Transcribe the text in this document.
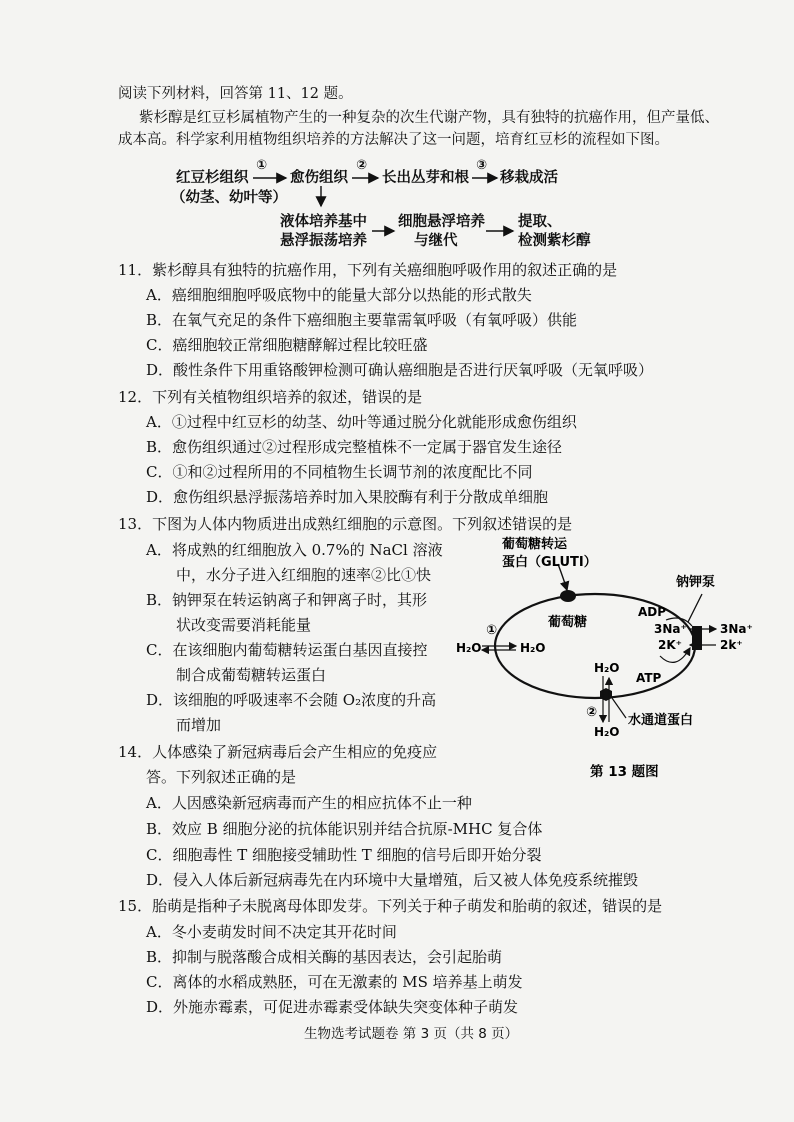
阅读下列材料，回答第 11、12 题。
紫杉醇是红豆杉属植物产生的一种复杂的次生代谢产物，具有独特的抗癌作用，但产量低、
成本高。科学家利用植物组织培养的方法解决了这一问题，培育红豆杉的流程如下图。
红豆杉组织
（幼茎、幼叶等）
①
愈伤组织
②
长出丛芽和根
③
移栽成活
液体培养基中
悬浮振荡培养
细胞悬浮培养
与继代
提取、
检测紫杉醇
11．紫杉醇具有独特的抗癌作用，下列有关癌细胞呼吸作用的叙述正确的是
A．癌细胞细胞呼吸底物中的能量大部分以热能的形式散失
B．在氧气充足的条件下癌细胞主要靠需氧呼吸（有氧呼吸）供能
C．癌细胞较正常细胞糖酵解过程比较旺盛
D．酸性条件下用重铬酸钾检测可确认癌细胞是否进行厌氧呼吸（无氧呼吸）
12．下列有关植物组织培养的叙述，错误的是
A．①过程中红豆杉的幼茎、幼叶等通过脱分化就能形成愈伤组织
B．愈伤组织通过②过程形成完整植株不一定属于器官发生途径
C．①和②过程所用的不同植物生长调节剂的浓度配比不同
D．愈伤组织悬浮振荡培养时加入果胶酶有利于分散成单细胞
13．下图为人体内物质进出成熟红细胞的示意图。下列叙述错误的是
A．将成熟的红细胞放入 0.7%的 NaCl 溶液
中，水分子进入红细胞的速率②比①快
B．钠钾泵在转运钠离子和钾离子时，其形
状改变需要消耗能量
C．在该细胞内葡萄糖转运蛋白基因直接控
制合成葡萄糖转运蛋白
D．该细胞的呼吸速率不会随 O₂浓度的升高
而增加
葡萄糖转运
蛋白（GLUTI）
葡萄糖
钠钾泵
ADP
3Na⁺	3Na⁺
2K⁺	2k⁺
ATP
①
H₂O	H₂O
H₂O
②
H₂O
水通道蛋白
第 13 题图
14．人体感染了新冠病毒后会产生相应的免疫应
答。下列叙述正确的是
A．人因感染新冠病毒而产生的相应抗体不止一种
B．效应 B 细胞分泌的抗体能识别并结合抗原-MHC 复合体
C．细胞毒性 T 细胞接受辅助性 T 细胞的信号后即开始分裂
D．侵入人体后新冠病毒先在内环境中大量增殖，后又被人体免疫系统摧毁
15．胎萌是指种子未脱离母体即发芽。下列关于种子萌发和胎萌的叙述，错误的是
A．冬小麦萌发时间不决定其开花时间
B．抑制与脱落酸合成相关酶的基因表达，会引起胎萌
C．离体的水稻成熟胚，可在无激素的 MS 培养基上萌发
D．外施赤霉素，可促进赤霉素受体缺失突变体种子萌发
生物选考试题卷 第 3 页（共 8 页）
